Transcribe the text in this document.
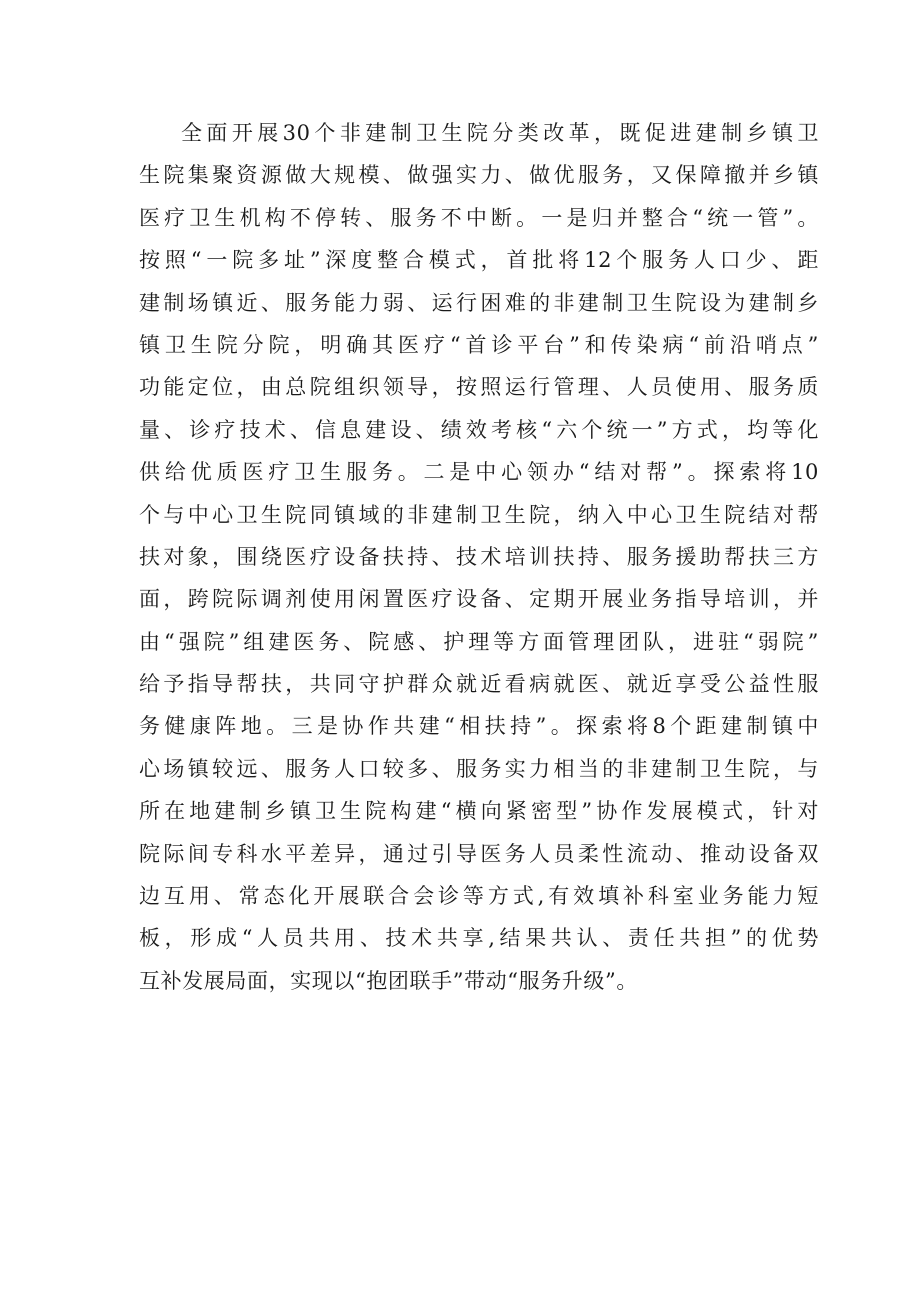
全面开展30个非建制卫生院分类改革，既促进建制乡镇卫
生院集聚资源做大规模、做强实力、做优服务，又保障撤并乡镇
医疗卫生机构不停转、服务不中断。一是归并整合“统一管”。
按照“一院多址”深度整合模式，首批将12个服务人口少、距
建制场镇近、服务能力弱、运行困难的非建制卫生院设为建制乡
镇卫生院分院，明确其医疗“首诊平台”和传染病“前沿哨点”
功能定位，由总院组织领导，按照运行管理、人员使用、服务质
量、诊疗技术、信息建设、绩效考核“六个统一”方式，均等化
供给优质医疗卫生服务。二是中心领办“结对帮”。探索将10
个与中心卫生院同镇域的非建制卫生院，纳入中心卫生院结对帮
扶对象，围绕医疗设备扶持、技术培训扶持、服务援助帮扶三方
面，跨院际调剂使用闲置医疗设备、定期开展业务指导培训，并
由“强院”组建医务、院感、护理等方面管理团队，进驻“弱院”
给予指导帮扶，共同守护群众就近看病就医、就近享受公益性服
务健康阵地。三是协作共建“相扶持”。探索将8个距建制镇中
心场镇较远、服务人口较多、服务实力相当的非建制卫生院，与
所在地建制乡镇卫生院构建“横向紧密型”协作发展模式，针对
院际间专科水平差异，通过引导医务人员柔性流动、推动设备双
边互用、常态化开展联合会诊等方式,有效填补科室业务能力短
板，形成“人员共用、技术共享,结果共认、责任共担”的优势
互补发展局面，实现以“抱团联手”带动“服务升级”。
